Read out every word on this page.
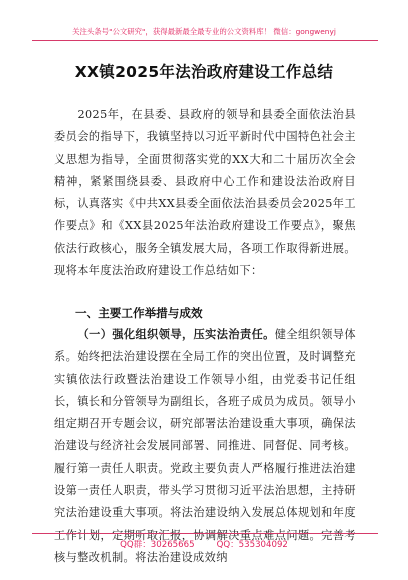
关注头条号"公文研究"，获得最新最全最专业的公文资料库！ 微信：gongwenyj
XX镇2025年法治政府建设工作总结
2025年，在县委、县政府的领导和县委全面依法治县委员会的指导下，我镇坚持以习近平新时代中国特色社会主义思想为指导，全面贯彻落实党的XX大和二十届历次全会精神，紧紧围绕县委、县政府中心工作和建设法治政府目标，认真落实《中共XX县委全面依法治县委员会2025年工作要点》和《XX县2025年法治政府建设工作要点》，聚焦依法行政核心，服务全镇发展大局，各项工作取得新进展。现将本年度法治政府建设工作总结如下：
一、主要工作举措与成效
（一）强化组织领导，压实法治责任。健全组织领导体系。始终把法治建设摆在全局工作的突出位置，及时调整充实镇依法行政暨法治建设工作领导小组，由党委书记任组长，镇长和分管领导为副组长，各班子成员为成员。领导小组定期召开专题会议，研究部署法治建设重大事项，确保法治建设与经济社会发展同部署、同推进、同督促、同考核。履行第一责任人职责。党政主要负责人严格履行推进法治建设第一责任人职责，带头学习贯彻习近平法治思想，主持研究法治建设重大事项。将法治建设纳入发展总体规划和年度工作计划，定期听取汇报，协调解决重点难点问题。完善考核与整改机制。将法治建设成效纳
QQ群：30265665	QQ：535304092
